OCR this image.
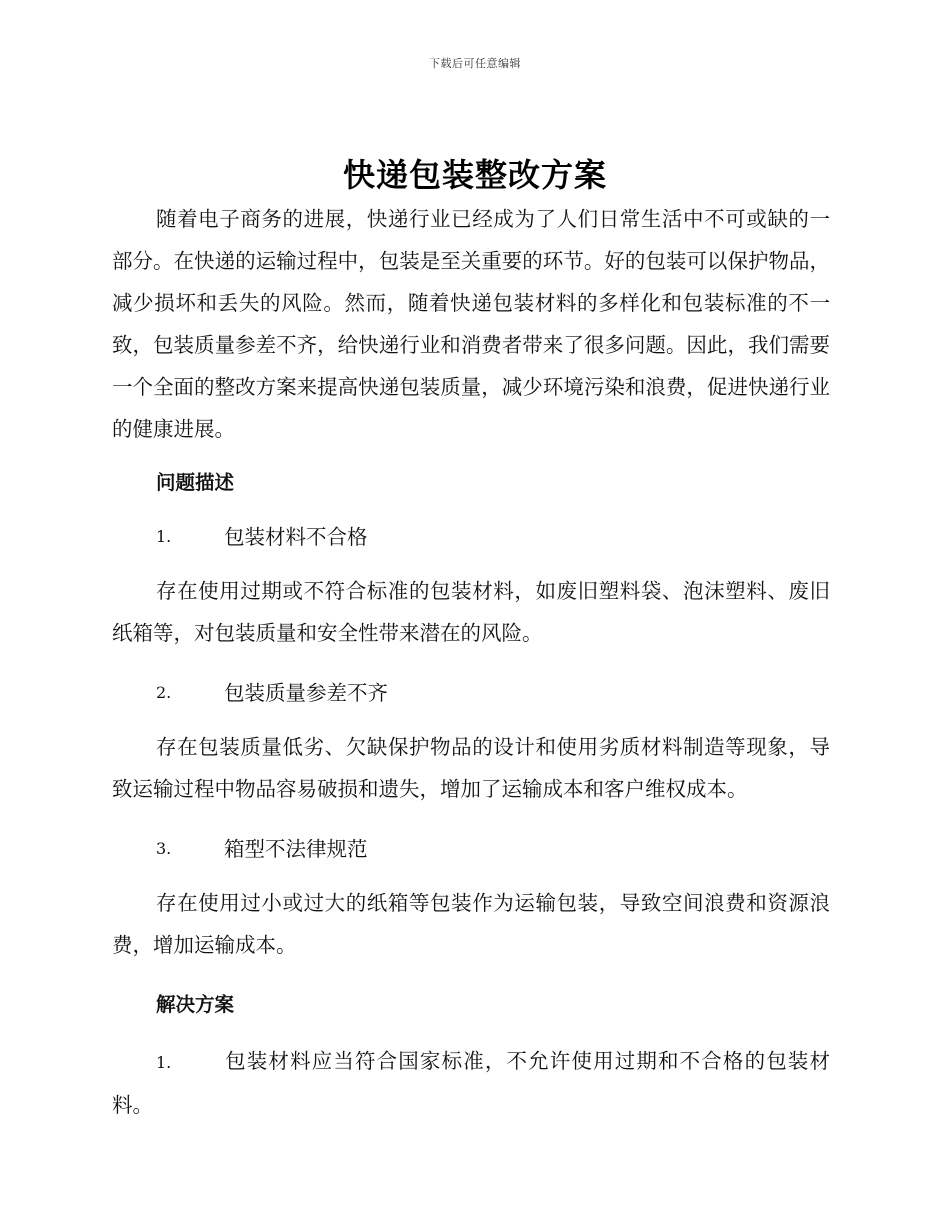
下载后可任意编辑
快递包装整改方案

随着电子商务的进展，快递行业已经成为了人们日常生活中不可或缺的一部分。在快递的运输过程中，包装是至关重要的环节。好的包装可以保护物品，减少损坏和丢失的风险。然而，随着快递包装材料的多样化和包装标准的不一致，包装质量参差不齐，给快递行业和消费者带来了很多问题。因此，我们需要一个全面的整改方案来提高快递包装质量，减少环境污染和浪费，促进快递行业的健康进展。

问题描述
1.	包装材料不合格

存在使用过期或不符合标准的包装材料，如废旧塑料袋、泡沫塑料、废旧纸箱等，对包装质量和安全性带来潜在的风险。

2.	包装质量参差不齐

存在包装质量低劣、欠缺保护物品的设计和使用劣质材料制造等现象，导致运输过程中物品容易破损和遗失，增加了运输成本和客户维权成本。

3.	箱型不法律规范

存在使用过小或过大的纸箱等包装作为运输包装，导致空间浪费和资源浪费，增加运输成本。

解决方案

1.	包装材料应当符合国家标准，不允许使用过期和不合格的包装材料。
